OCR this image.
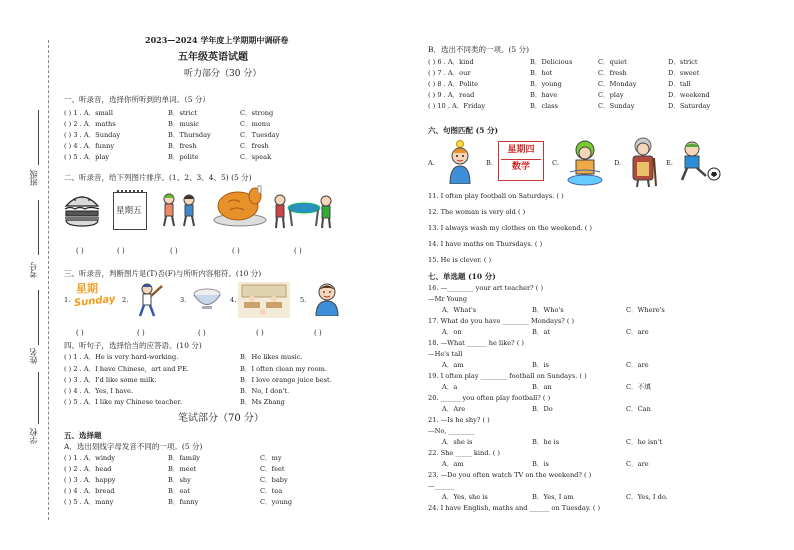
班级
考号
姓名
学校
2023—2024 学年度上学期期中调研卷
五年级英语试题
听力部分（30 分）
一、听录音，选择你所听到的单词。（5 分）
( ) 1 . A．small	B．strict	C．strong
( ) 2 . A．maths	B．music	C．menu
( ) 3 . A．Sunday	B．Thursday	C．Tuesday
( ) 4 . A．funny	B．fresh	C．fresh
( ) 5 . A．play	B．polite	C．speak
二、听录音，给下列图片排序。(1、2、3、4、5) (5 分)
星期五
( )	( )	( )	( )	( )
三、听录音，判断图片是(T)否(F)与所听内容相符。(10 分)
1.
星期
Sunday 2.	3.	4.	5.
( )	( )	( )	( )	( )
四、听句子，选择恰当的应答语。(10 分)
( ) 1 . A．He is very hard-working.	B．He likes music.
( ) 2 . A．I have Chinese，art and PE.	B．I often clean my room.
( ) 3 . A．I'd like some milk.	B．I love orange juice best.
( ) 4 . A．Yes, I have.	B．No, I don't.
( ) 5 . A．I like my Chinese teacher.	B．Ms Zhang
笔试部分（70 分）
五、选择题
A．选出划线字母发音不同的一项。(5 分)
( ) 1 . A．windy	B．family	C．my
( ) 2 . A．head	B．meet	C．feet
( ) 3 . A．happy	B．shy	C．baby
( ) 4 . A．bread	B．eat	C．tea
( ) 5 . A．many	B．funny	C．young
B．选出不同类的一项。(5 分)
( ) 6 . A．kind	B．Delicious	C．quiet	D．strict
( ) 7 . A．our	B．hot	C．fresh	D．sweet
( ) 8 . A．Polite	B．young	C．Monday	D．tall
( ) 9 . A．read	B．have	C．play	D．weekend
( ) 10 . A．Friday	B．class	C．Sunday	D．Saturday
六、句图匹配 (5 分)
A.	B.
星期四
数学	C.	D.	E.
11. I often play football on Saturdays. ( )
12. The woman is very old ( )
13. I always wash my clothes on the weekend. ( )
14. I have maths on Thursdays. ( )
15. He is clever. ( )
七、单选题 (10 分)
16. —________ your art teacher? ( )
—Mr Young
A．What's	B．Who's	C．Where's
17. What do you have ________ Mondays? ( )
A．on	B．at	C．are
18. —What ______ he like? ( )
—He's tall
A．am	B．is	C．are
19. I often play ________ football on Sundays. ( )
A．a	B．an	C．不填
20. ______ you often play football? ( )
A．Are	B．Do	C．Can
21. —Is he shy? ( )
—No, ________
A．she is	B．he is	C．he isn't
22. She _____ kind. ( )
A．am	B．is	C．are
23. —Do you often watch TV on the weekend? ( )
—______
A．Yes, she is	B．Yes, I am	C．Yes, I do.
24. I have English, maths and ______ on Tuesday. ( )
